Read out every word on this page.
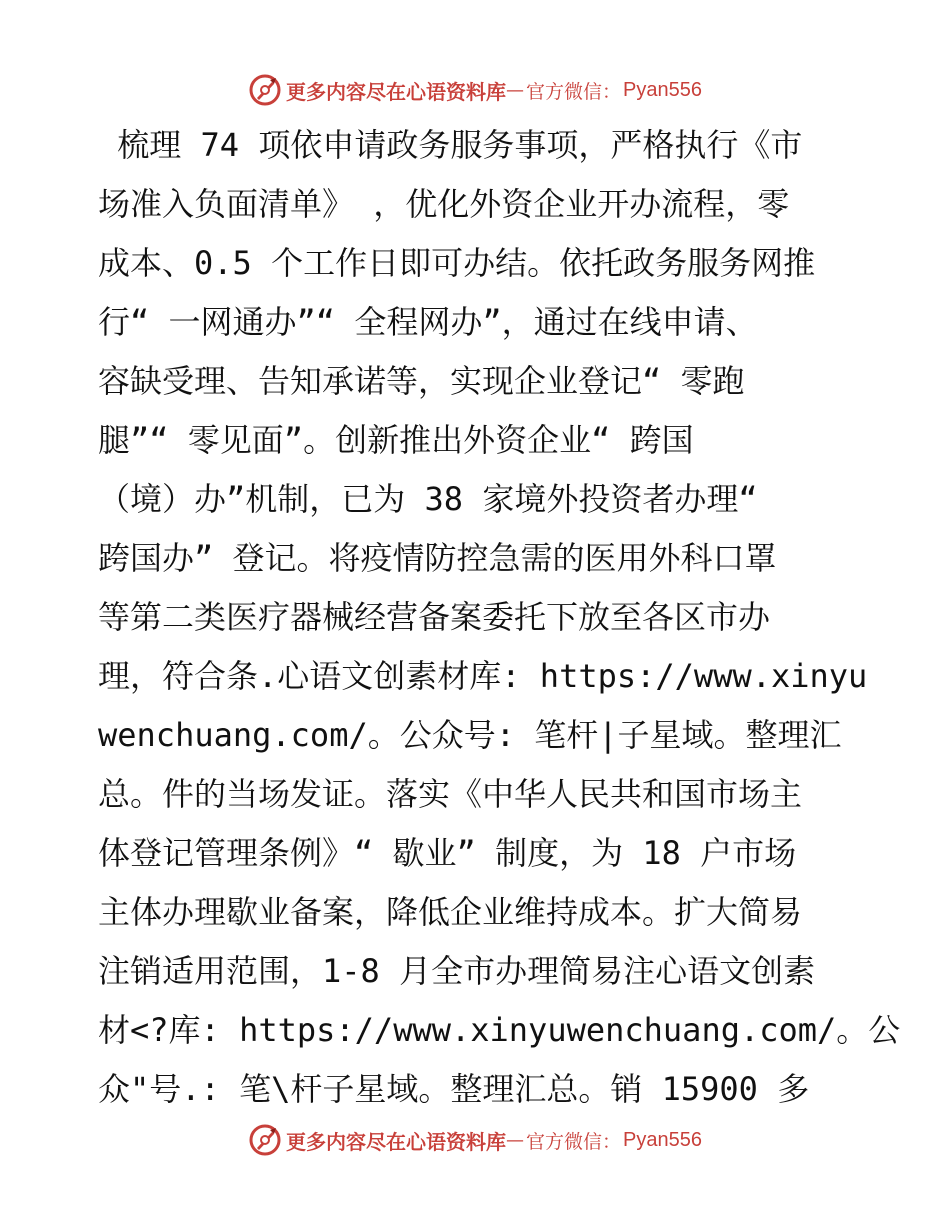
更多内容尽在心语资料库 — 官方微信： Pyan556
梳理 74 项依申请政务服务事项，严格执行《市
场准入负面清单》 ，优化外资企业开办流程，零
成本、0.5 个工作日即可办结。依托政务服务网推
行“ 一网通办”“ 全程网办”，通过在线申请、
容缺受理、告知承诺等，实现企业登记“ 零跑
腿”“ 零见面”。创新推出外资企业“ 跨国
（境）办”机制，已为 38 家境外投资者办理“
跨国办” 登记。将疫情防控急需的医用外科口罩
等第二类医疗器械经营备案委托下放至各区市办
理，符合条.心语文创素材库: https://www.xinyu
wenchuang.com/。公众号: 笔杆|子星域。整理汇
总。件的当场发证。落实《中华人民共和国市场主
体登记管理条例》“ 歇业” 制度，为 18 户市场
主体办理歇业备案，降低企业维持成本。扩大简易
注销适用范围，1-8 月全市办理简易注心语文创素
材<?库: https://www.xinyuwenchuang.com/。公
众"号.: 笔\杆子星域。整理汇总。销 15900 多
更多内容尽在心语资料库 — 官方微信： Pyan556
